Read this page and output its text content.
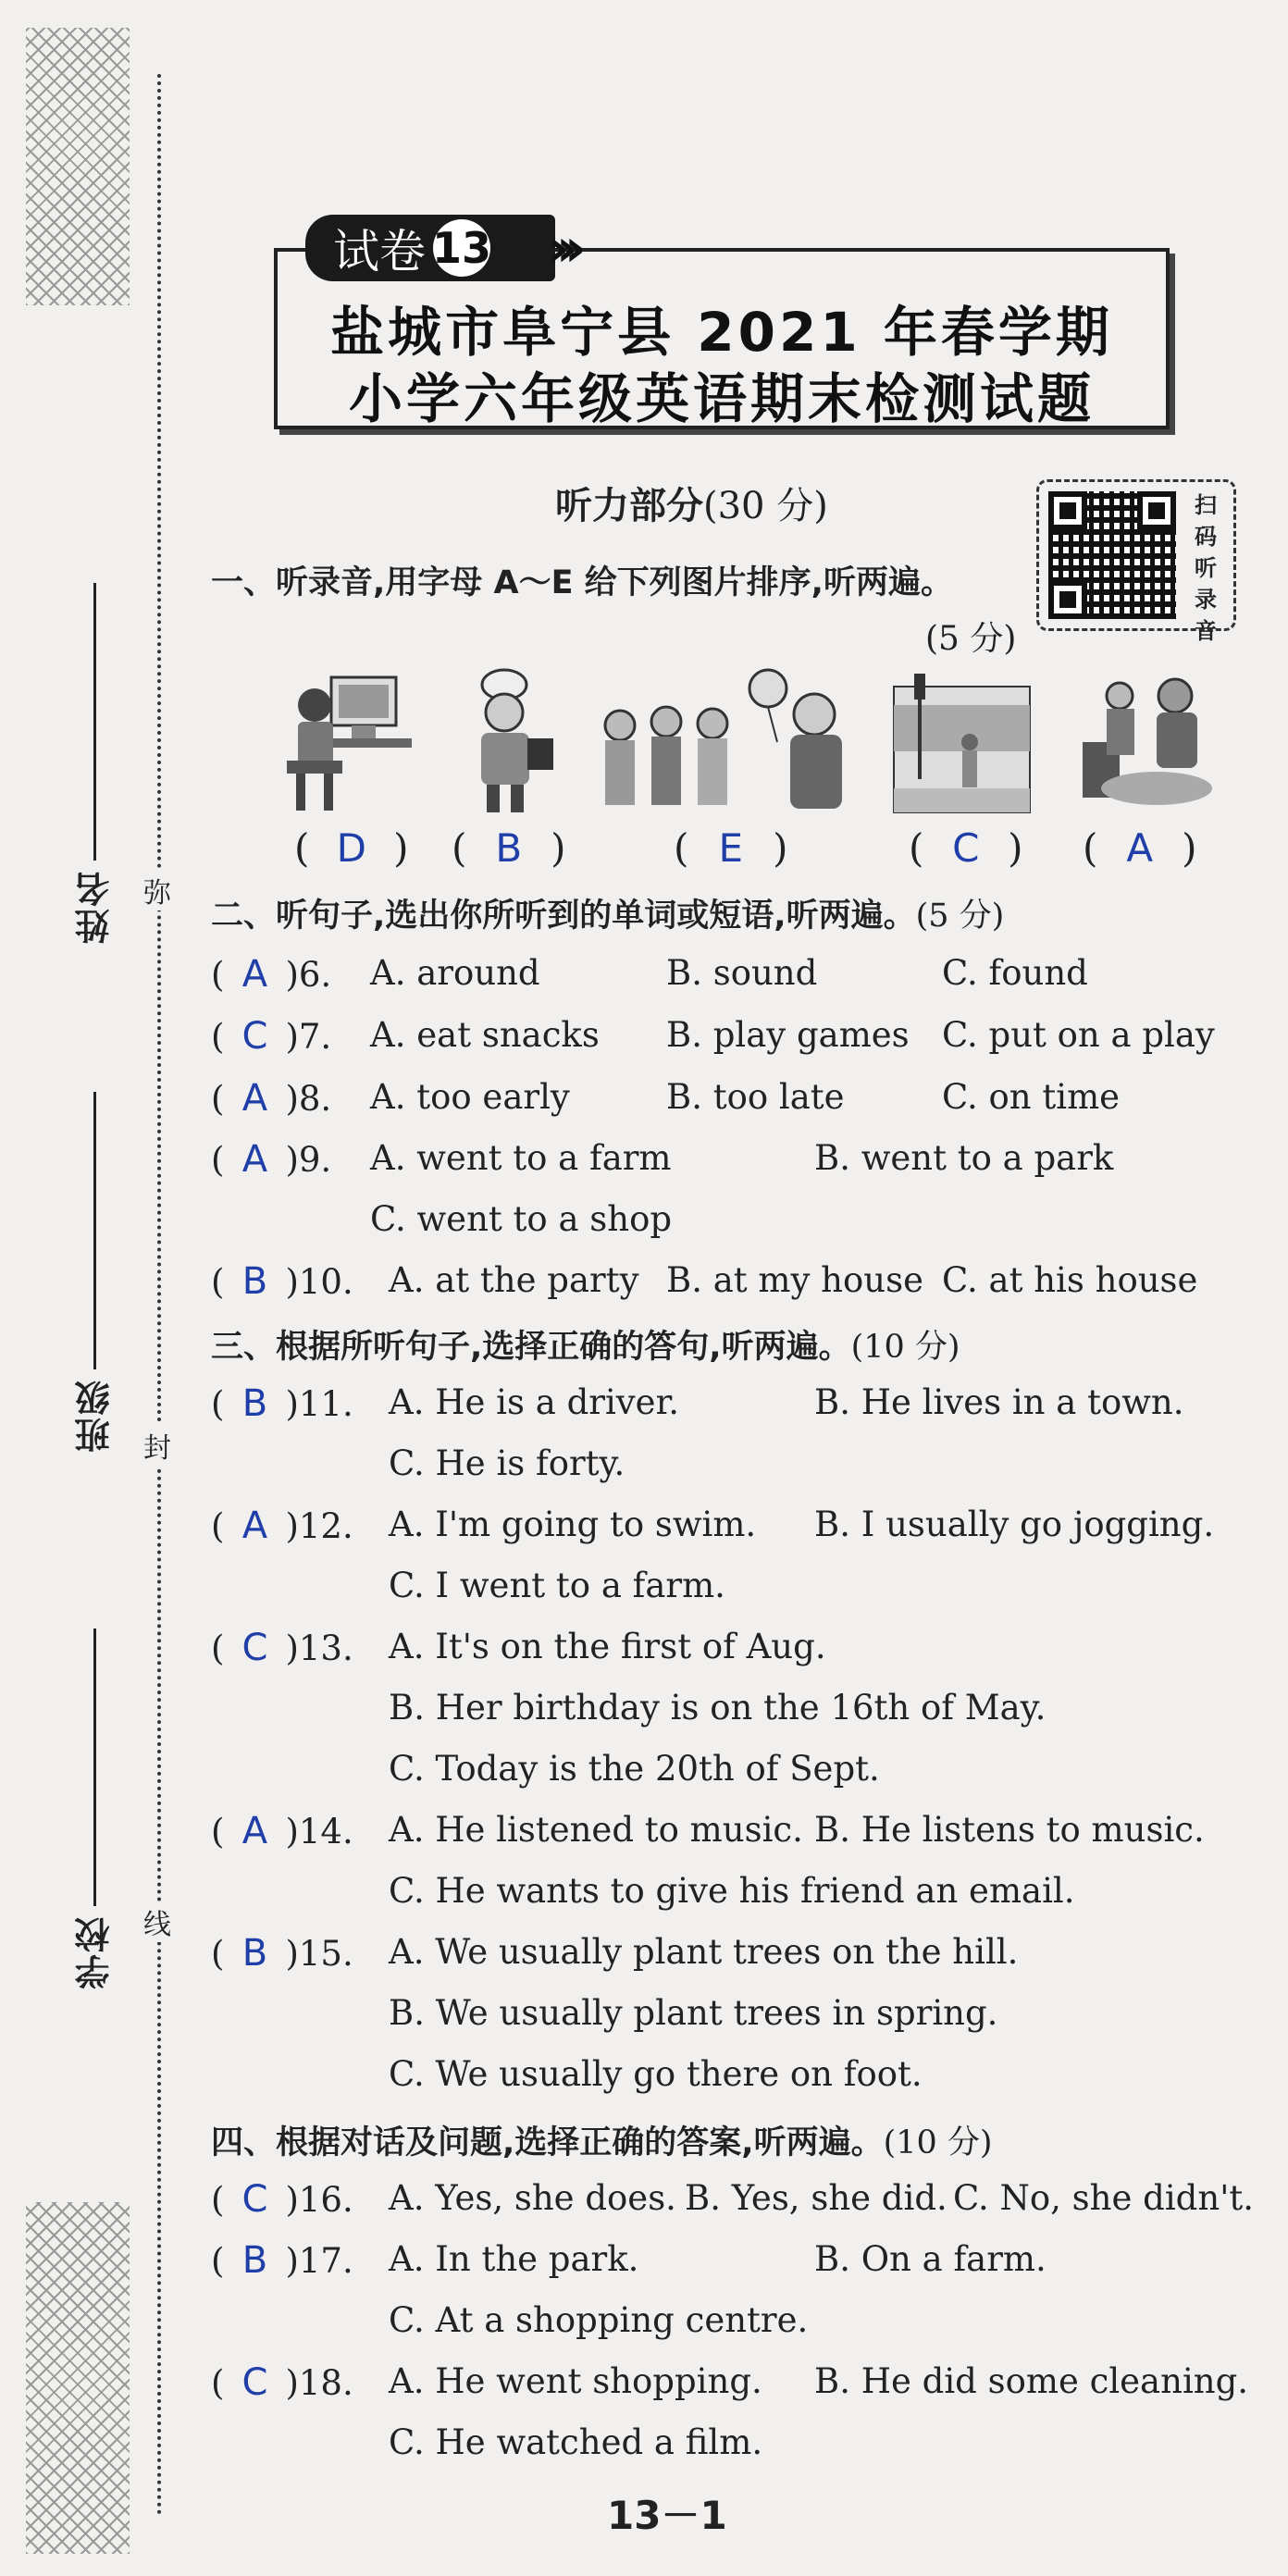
弥
封
线
姓名
班级
学校
盐城市阜宁县 2021 年春学期
小学六年级英语期末检测试题
试卷 13 ›››
听力部分(30 分)	扫
码
听
录
音
一、听录音,用字母 A～E 给下列图片排序,听两遍。
(5 分)
( D ) ( B )	( E )	( C ) ( A )
二、听句子,选出你所听到的单词或短语,听两遍。(5 分)
( A )6. A. around	B. sound	C. found
( C )7. A. eat snacks B. play games C. put on a play
( A )8. A. too early	B. too late	C. on time
( A )9. A. went to a farm	B. went to a park
C. went to a shop
( B )10. A. at the party B. at my house C. at his house
三、根据所听句子,选择正确的答句,听两遍。(10 分)
( B )11. A. He is a driver.	B. He lives in a town.
C. He is forty.
( A )12. A. I'm going to swim. B. I usually go jogging.
C. I went to a farm.
( C )13. A. It's on the first of Aug.
B. Her birthday is on the 16th of May.
C. Today is the 20th of Sept.
( A )14. A. He listened to music. B. He listens to music.
C. He wants to give his friend an email.
( B )15. A. We usually plant trees on the hill.
B. We usually plant trees in spring.
C. We usually go there on foot.
四、根据对话及问题,选择正确的答案,听两遍。(10 分)
( C )16. A. Yes, she does. B. Yes, she did. C. No, she didn't.
( B )17. A. In the park.	B. On a farm.
C. At a shopping centre.
( C )18. A. He went shopping. B. He did some cleaning.
C. He watched a film.
13－1
